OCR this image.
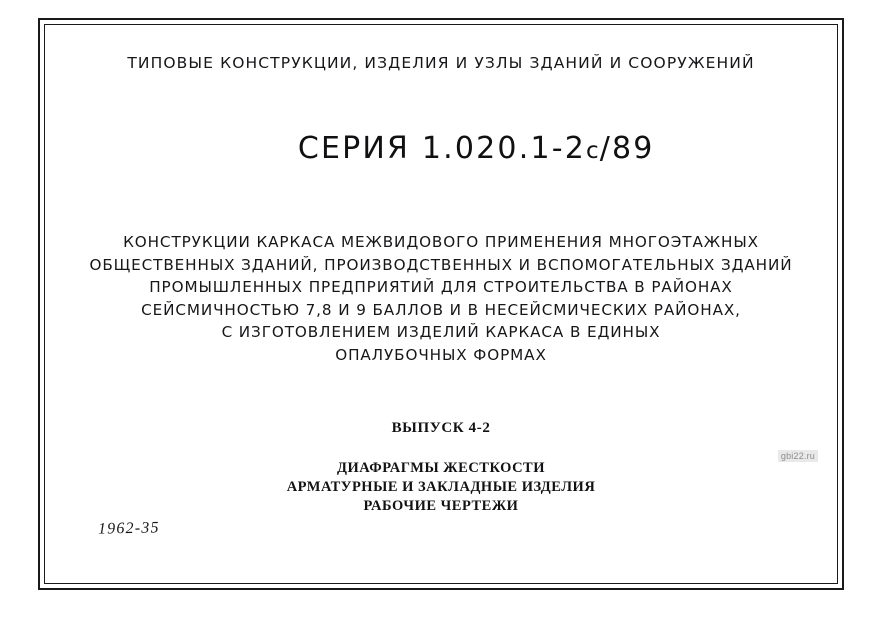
ТИПОВЫЕ КОНСТРУКЦИИ, ИЗДЕЛИЯ И УЗЛЫ ЗДАНИЙ И СООРУЖЕНИЙ

СЕРИЯ 1.020.1-2с/89

КОНСТРУКЦИИ КАРКАСА МЕЖВИДОВОГО ПРИМЕНЕНИЯ МНОГОЭТАЖНЫХ
ОБЩЕСТВЕННЫХ ЗДАНИЙ, ПРОИЗВОДСТВЕННЫХ И ВСПОМОГАТЕЛЬНЫХ ЗДАНИЙ
ПРОМЫШЛЕННЫХ ПРЕДПРИЯТИЙ ДЛЯ СТРОИТЕЛЬСТВА В РАЙОНАХ
СЕЙСМИЧНОСТЬЮ 7,8 И 9 БАЛЛОВ И В НЕСЕЙСМИЧЕСКИХ РАЙОНАХ,
С ИЗГОТОВЛЕНИЕМ ИЗДЕЛИЙ КАРКАСА В ЕДИНЫХ
ОПАЛУБОЧНЫХ ФОРМАХ
ВЫПУСК 4-2
ДИАФРАГМЫ ЖЕСТКОСТИ
АРМАТУРНЫЕ И ЗАКЛАДНЫЕ ИЗДЕЛИЯ
РАБОЧИЕ ЧЕРТЕЖИ
1962-35
gbi22.ru
